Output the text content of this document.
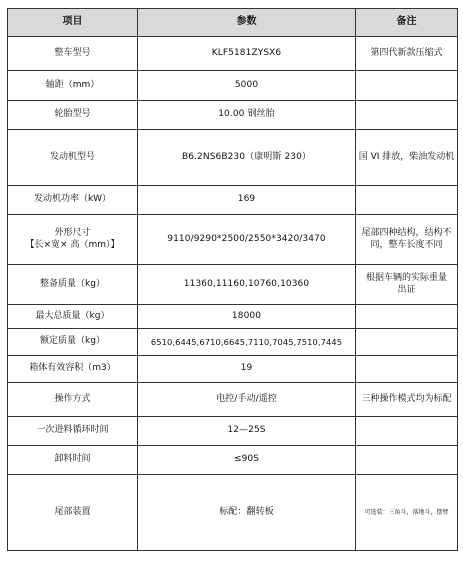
项目	参数	备注
整车型号	KLF5181ZYSX6	第四代新款压缩式
轴距（mm）	5000	
轮胎型号	10.00 钢丝胎	
发动机型号	B6.2NS6B230（康明斯 230）	国 VI 排放，柴油发动机
发动机功率（kW）	169	

外形尺寸
【长×宽× 高（mm）】	9110/9290*2500/2550*3420/3470	尾部四种结构，结构不同，整车长度不同
整备质量（kg）	11360,11160,10760,10360	根据车辆的实际重量
出证

最大总质量（kg）	18000	
额定质量（kg）	6510,6445,6710,6645,7110,7045,7510,7445	
箱体有效容积（m3）	19	
操作方式	电控/手动/遥控	三种操作模式均为标配
一次进料循环时间	12—25S	
卸料时间	≤90S	
尾部装置	标配：翻转板	可选装：三角斗，落地斗，摆臂
